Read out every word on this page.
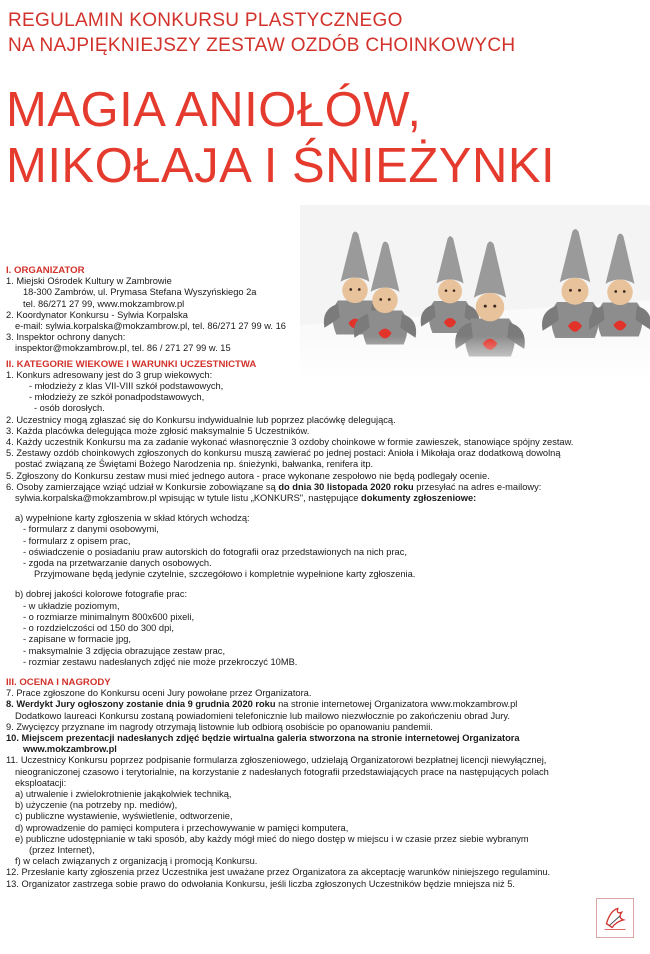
REGULAMIN KONKURSU PLASTYCZNEGO
NA NAJPIĘKNIEJSZY ZESTAW OZDÓB CHOINKOWYCH
MAGIA ANIOŁÓW,
MIKOŁAJA I ŚNIEŻYNKI
I. ORGANIZATOR
1. Miejski Ośrodek Kultury w Zambrowie
18-300 Zambrów, ul. Prymasa Stefana Wyszyńskiego 2a
tel. 86/271 27 99, www.mokzambrow.pl
2. Koordynator Konkursu - Sylwia Korpalska
e-mail: sylwia.korpalska@mokzambrow.pl, tel. 86/271 27 99 w. 16
3. Inspektor ochrony danych:
inspektor@mokzambrow.pl, tel. 86 / 271 27 99 w. 15
II. KATEGORIE WIEKOWE I WARUNKI UCZESTNICTWA
1. Konkurs adresowany jest do 3 grup wiekowych:
- młodzieży z klas VII-VIII szkół podstawowych,
- młodzieży ze szkół ponadpodstawowych,
- osób dorosłych.
2. Uczestnicy mogą zgłaszać się do Konkursu indywidualnie lub poprzez placówkę delegującą.
3. Każda placówka delegująca może zgłosić maksymalnie 5 Uczestników.
4. Każdy uczestnik Konkursu ma za zadanie wykonać własnoręcznie 3 ozdoby choinkowe w formie zawieszek, stanowiące spójny zestaw.
5. Zestawy ozdób choinkowych zgłoszonych do konkursu muszą zawierać po jednej postaci: Anioła i Mikołaja oraz dodatkową dowolną
postać związaną ze Świętami Bożego Narodzenia np. śnieżynki, bałwanka, renifera itp.
5. Zgłoszony do Konkursu zestaw musi mieć jednego autora - prace wykonane zespołowo nie będą podlegały ocenie.
6. Osoby zamierzające wziąć udział w Konkursie zobowiązane są do dnia 30 listopada 2020 roku przesyłać na adres e-mailowy:
sylwia.korpalska@mokzambrow.pl wpisując w tytule listu „KONKURS", następujące dokumenty zgłoszeniowe:
a) wypełnione karty zgłoszenia w skład których wchodzą:
- formularz z danymi osobowymi,
- formularz z opisem prac,
- oświadczenie o posiadaniu praw autorskich do fotografii oraz przedstawionych na nich prac,
- zgoda na przetwarzanie danych osobowych.
Przyjmowane będą jedynie czytelnie, szczegółowo i kompletnie wypełnione karty zgłoszenia.
b) dobrej jakości kolorowe fotografie prac:
- w układzie poziomym,
- o rozmiarze minimalnym 800x600 pixeli,
- o rozdzielczości od 150 do 300 dpi,
- zapisane w formacie jpg,
- maksymalnie 3 zdjęcia obrazujące zestaw prac,
- rozmiar zestawu nadesłanych zdjęć nie może przekroczyć 10MB.
III. OCENA I NAGRODY
7. Prace zgłoszone do Konkursu oceni Jury powołane przez Organizatora.
8. Werdykt Jury ogłoszony zostanie dnia 9 grudnia 2020 roku na stronie internetowej Organizatora www.mokzambrow.pl
Dodatkowo laureaci Konkursu zostaną powiadomieni telefonicznie lub mailowo niezwłocznie po zakończeniu obrad Jury.
9. Zwycięzcy przyznane im nagrody otrzymają listownie lub odbiorą osobiście po opanowaniu pandemii.
10. Miejscem prezentacji nadesłanych zdjęć będzie wirtualna galeria stworzona na stronie internetowej Organizatora
www.mokzambrow.pl
11. Uczestnicy Konkursu poprzez podpisanie formularza zgłoszeniowego, udzielają Organizatorowi bezpłatnej licencji niewyłącznej,
nieograniczonej czasowo i terytorialnie, na korzystanie z nadesłanych fotografii przedstawiających prace na następujących polach
eksploatacji:
a) utrwalenie i zwielokrotnienie jakąkolwiek techniką,
b) użyczenie (na potrzeby np. mediów),
c) publiczne wystawienie, wyświetlenie, odtworzenie,
d) wprowadzenie do pamięci komputera i przechowywanie w pamięci komputera,
e) publiczne udostępnianie w taki sposób, aby każdy mógł mieć do niego dostęp w miejscu i w czasie przez siebie wybranym
(przez Internet),
f) w celach związanych z organizacją i promocją Konkursu.
12. Przesłanie karty zgłoszenia przez Uczestnika jest uważane przez Organizatora za akceptację warunków niniejszego regulaminu.
13. Organizator zastrzega sobie prawo do odwołania Konkursu, jeśli liczba zgłoszonych Uczestników będzie mniejsza niż 5.
